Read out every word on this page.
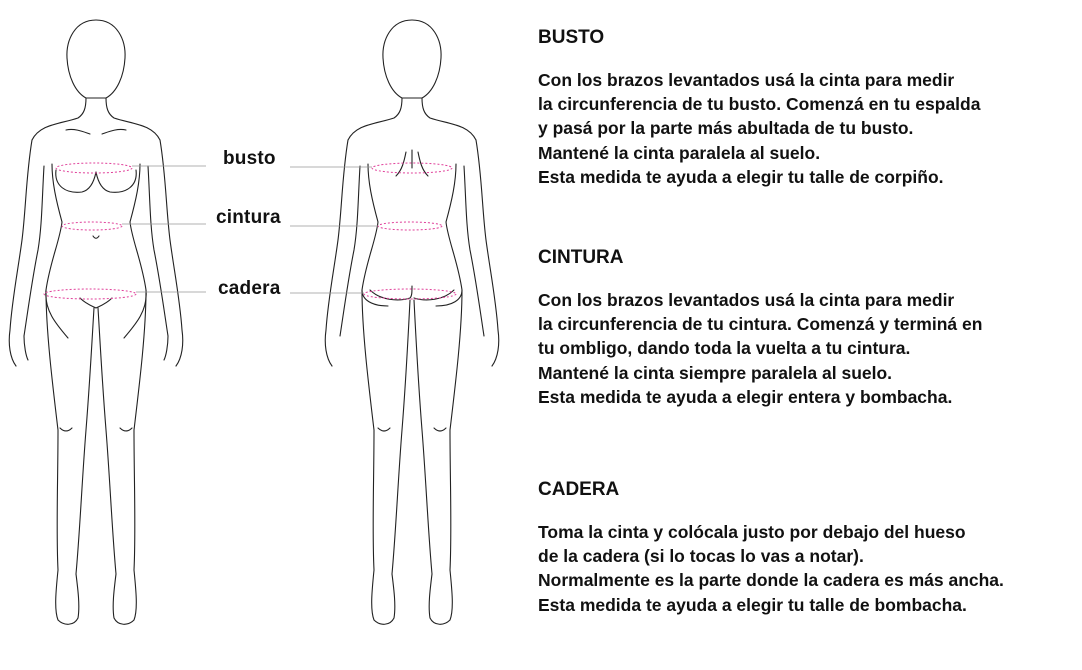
busto
cintura
cadera
BUSTO

Con los brazos levantados usá la cinta para medir

la circunferencia de tu busto. Comenzá en tu espalda

y pasá por la parte más abultada de tu busto.

Mantené la cinta paralela al suelo.

Esta medida te ayuda a elegir tu talle de corpiño.

CINTURA

Con los brazos levantados usá la cinta para medir

la circunferencia de tu cintura. Comenzá y terminá en

tu ombligo, dando toda la vuelta a tu cintura.

Mantené la cinta siempre paralela al suelo.

Esta medida te ayuda a elegir entera y bombacha.

CADERA

Toma la cinta y colócala justo por debajo del hueso

de la cadera (si lo tocas lo vas a notar).

Normalmente es la parte donde la cadera es más ancha.

Esta medida te ayuda a elegir tu talle de bombacha.
